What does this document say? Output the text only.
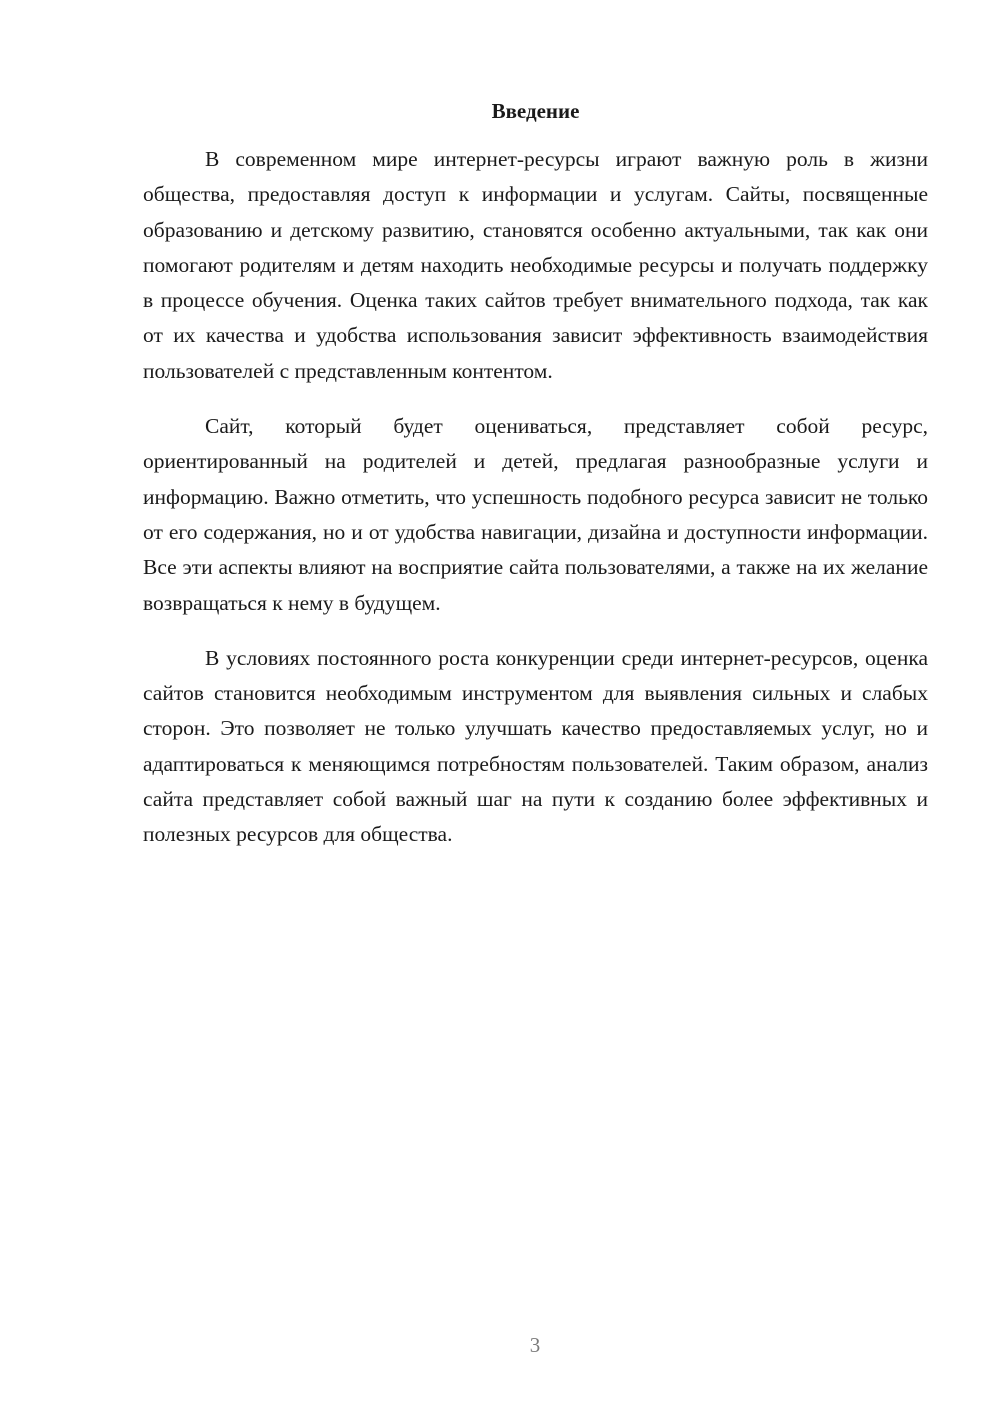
Введение

В современном мире интернет-ресурсы играют важную роль в жизни общества, предоставляя доступ к информации и услугам. Сайты, посвященные образованию и детскому развитию, становятся особенно актуальными, так как они помогают родителям и детям находить необходимые ресурсы и получать поддержку в процессе обучения. Оценка таких сайтов требует внимательного подхода, так как от их качества и удобства использования зависит эффективность взаимодействия пользователей с представленным контентом.

Сайт, который будет оцениваться, представляет собой ресурс, ориентированный на родителей и детей, предлагая разнообразные услуги и информацию. Важно отметить, что успешность подобного ресурса зависит не только от его содержания, но и от удобства навигации, дизайна и доступности информации. Все эти аспекты влияют на восприятие сайта пользователями, а также на их желание возвращаться к нему в будущем.

В условиях постоянного роста конкуренции среди интернет-ресурсов, оценка сайтов становится необходимым инструментом для выявления сильных и слабых сторон. Это позволяет не только улучшать качество предоставляемых услуг, но и адаптироваться к меняющимся потребностям пользователей. Таким образом, анализ сайта представляет собой важный шаг на пути к созданию более эффективных и полезных ресурсов для общества.

3
